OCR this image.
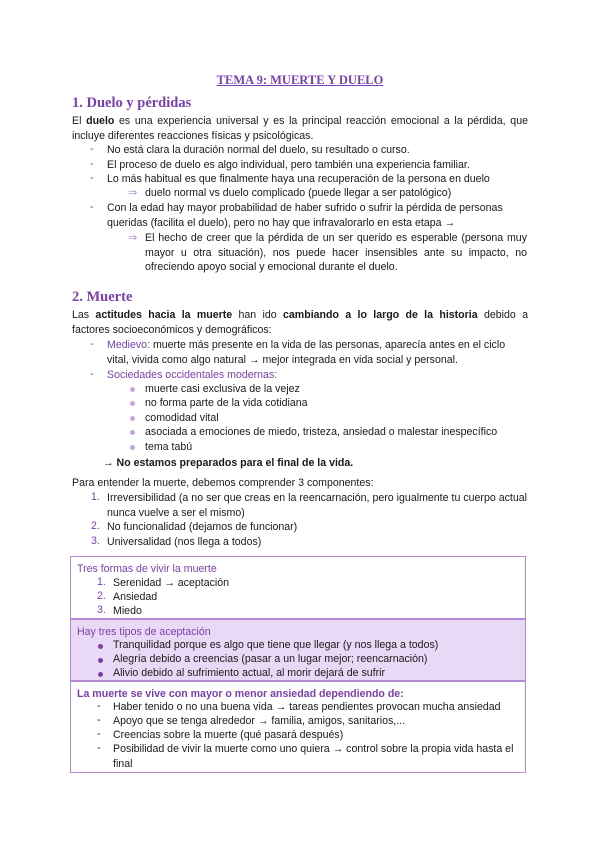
TEMA 9: MUERTE Y DUELO
1. Duelo y pérdidas

El duelo es una experiencia universal y es la principal reacción emocional a la pérdida, que incluye diferentes reacciones físicas y psicológicas.

- No está clara la duración normal del duelo, su resultado o curso.

- El proceso de duelo es algo individual, pero también una experiencia familiar.

- Lo más habitual es que finalmente haya una recuperación de la persona en duelo

⇒ duelo normal vs duelo complicado (puede llegar a ser patológico)

- Con la edad hay mayor probabilidad de haber sufrido o sufrir la pérdida de personas queridas (facilita el duelo), pero no hay que infravalorarlo en esta etapa →

⇒ El hecho de creer que la pérdida de un ser querido es esperable (persona muy mayor u otra situación), nos puede hacer insensibles ante su impacto, no ofreciendo apoyo social y emocional durante el duelo.

2. Muerte

Las actitudes hacia la muerte han ido cambiando a lo largo de la historia debido a

factores socioeconómicos y demográficos:

- Medievo: muerte más presente en la vida de las personas, aparecía antes en el ciclo vital, vivida como algo natural → mejor integrada en vida social y personal.

- Sociedades occidentales modernas:

muerte casi exclusiva de la vejez

no forma parte de la vida cotidiana

comodidad vital

asociada a emociones de miedo, tristeza, ansiedad o malestar inespecífico

tema tabú

→ No estamos preparados para el final de la vida.

Para entender la muerte, debemos comprender 3 componentes:

1. Irreversibilidad (a no ser que creas en la reencarnación, pero igualmente tu cuerpo actual nunca vuelve a ser el mismo)

2. No funcionalidad (dejamos de funcionar)

3. Universalidad (nos llega a todos)

Tres formas de vivir la muerte
1. Serenidad → aceptación

2. Ansiedad

3. Miedo

Hay tres tipos de aceptación

Tranquilidad porque es algo que tiene que llegar (y nos llega a todos)

Alegría debido a creencias (pasar a un lugar mejor; reencarnación)

Alivio debido al sufrimiento actual, al morir dejará de sufrir

La muerte se vive con mayor o menor ansiedad dependiendo de:
- Haber tenido o no una buena vida → tareas pendientes provocan mucha ansiedad

- Apoyo que se tenga alrededor → familia, amigos, sanitarios,...

- Creencias sobre la muerte (qué pasará después)

- Posibilidad de vivir la muerte como uno quiera → control sobre la propia vida hasta el final
